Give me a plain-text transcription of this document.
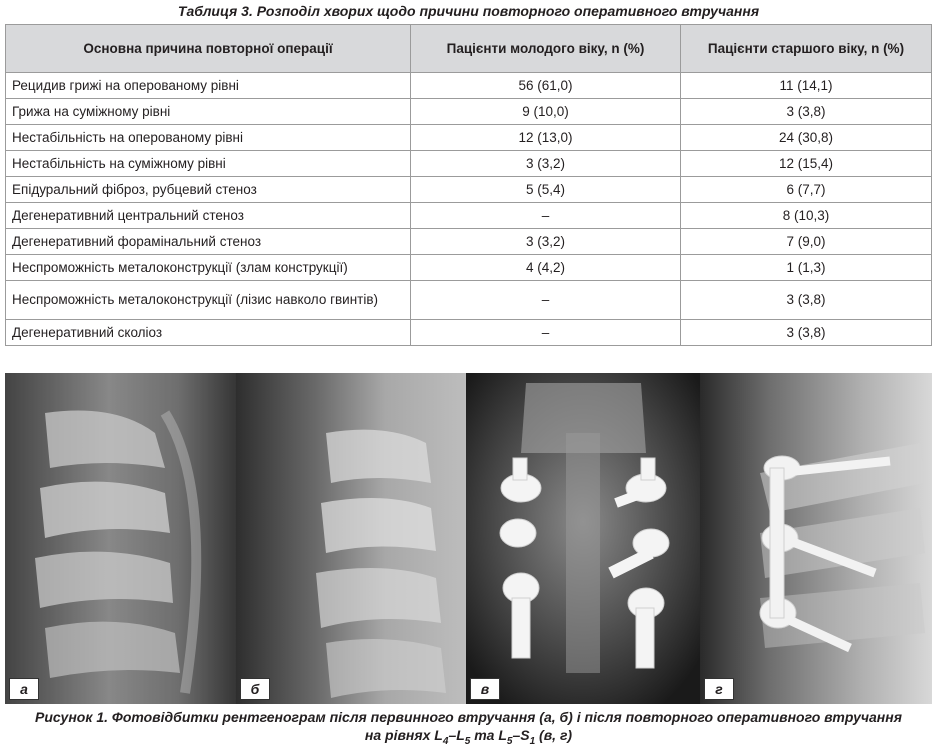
Таблиця 3. Розподіл хворих щодо причини повторного оперативного втручання
Основна причина повторної операції	Пацієнти молодого віку, n (%)	Пацієнти старшого віку, n (%)
Рецидив грижі на оперованому рівні	56 (61,0)	11 (14,1)
Грижа на суміжному рівні	9 (10,0)	3 (3,8)
Нестабільність на оперованому рівні	12 (13,0)	24 (30,8)
Нестабільність на суміжному рівні	3 (3,2)	12 (15,4)
Епідуральний фіброз, рубцевий стеноз	5 (5,4)	6 (7,7)
Дегенеративний центральний стеноз	–	8 (10,3)
Дегенеративний форамінальний стеноз	3 (3,2)	7 (9,0)
Неспроможність металоконструкції (злам конструкції)	4 (4,2)	1 (1,3)
Неспроможність металоконструкції (лізис навколо гвинтів)	–	3 (3,8)
Дегенеративний сколіоз	–	3 (3,8)
а	б	в	г
Рисунок 1. Фотовідбитки рентгенограм після первинного втручання (а, б) і після повторного оперативного втручання
на рівнях $L_4-L_5$ та $L_5-S_1$ (в, г)
